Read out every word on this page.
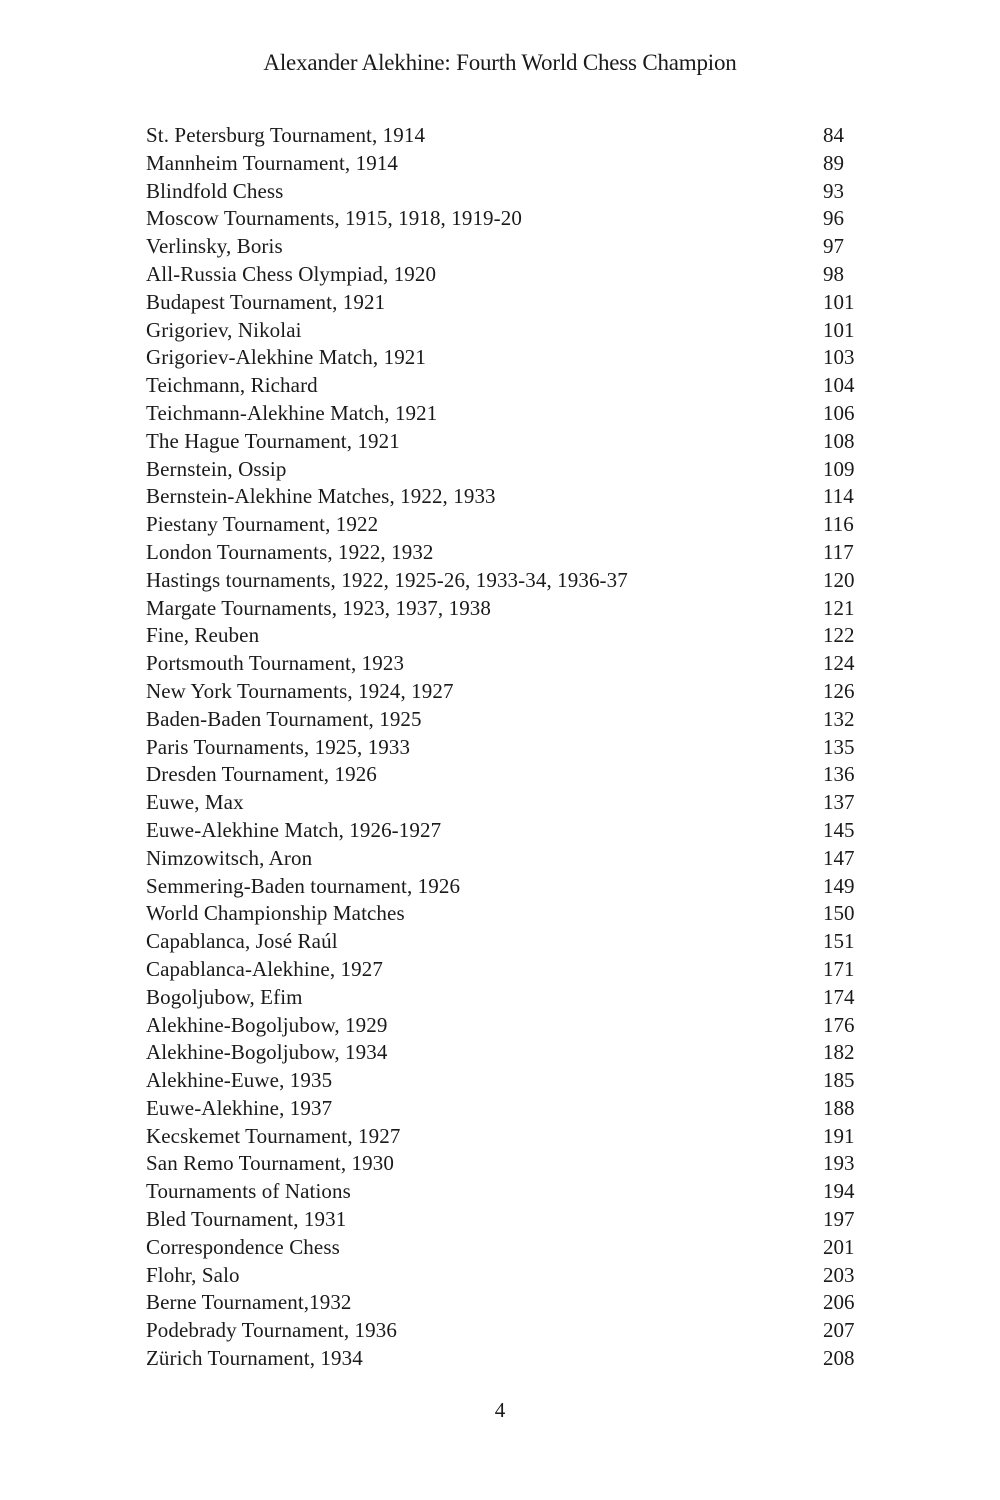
Alexander Alekhine: Fourth World Chess Champion
St. Petersburg Tournament, 1914	84
Mannheim Tournament, 1914	89
Blindfold Chess	93
Moscow Tournaments, 1915, 1918, 1919-20	96
Verlinsky, Boris	97
All-Russia Chess Olympiad, 1920	98
Budapest Tournament, 1921	101
Grigoriev, Nikolai	101
Grigoriev-Alekhine Match, 1921	103
Teichmann, Richard	104
Teichmann-Alekhine Match, 1921	106
The Hague Tournament, 1921	108
Bernstein, Ossip	109
Bernstein-Alekhine Matches, 1922, 1933	114
Piestany Tournament, 1922	116
London Tournaments, 1922, 1932	117
Hastings tournaments, 1922, 1925-26, 1933-34, 1936-37	120
Margate Tournaments, 1923, 1937, 1938	121
Fine, Reuben	122
Portsmouth Tournament, 1923	124
New York Tournaments, 1924, 1927	126
Baden-Baden Tournament, 1925	132
Paris Tournaments, 1925, 1933	135
Dresden Tournament, 1926	136
Euwe, Max	137
Euwe-Alekhine Match, 1926-1927	145
Nimzowitsch, Aron	147
Semmering-Baden tournament, 1926	149
World Championship Matches	150
Capablanca, José Raúl	151
Capablanca-Alekhine, 1927	171
Bogoljubow, Efim	174
Alekhine-Bogoljubow, 1929	176
Alekhine-Bogoljubow, 1934	182
Alekhine-Euwe, 1935	185
Euwe-Alekhine, 1937	188
Kecskemet Tournament, 1927	191
San Remo Tournament, 1930	193
Tournaments of Nations	194
Bled Tournament, 1931	197
Correspondence Chess	201
Flohr, Salo	203
Berne Tournament,1932	206
Podebrady Tournament, 1936	207
Zürich Tournament, 1934	208
4
